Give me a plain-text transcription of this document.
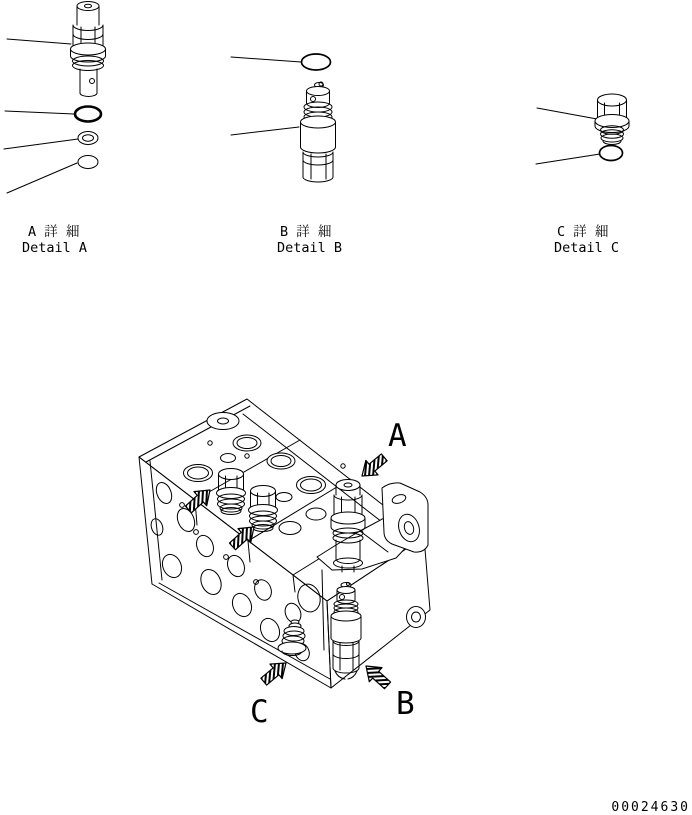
A 詳 細
Detail A
B 詳 細
Detail B
C 詳 細
Detail C
A
C	B
00024630
